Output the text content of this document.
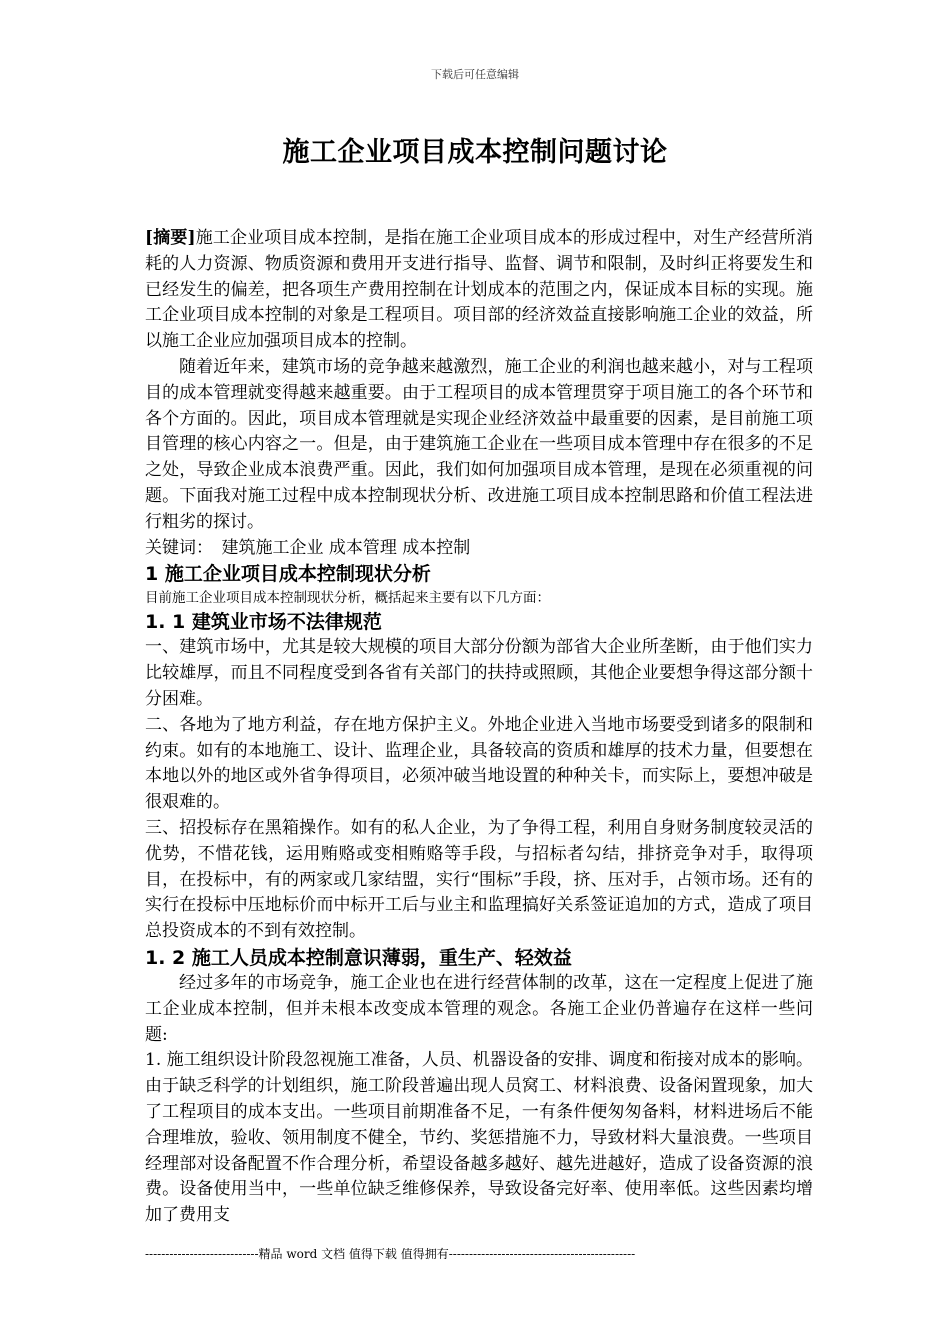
下载后可任意编辑
施工企业项目成本控制问题讨论

[摘要]施工企业项目成本控制，是指在施工企业项目成本的形成过程中，对生产经营所消耗的人力资源、物质资源和费用开支进行指导、监督、调节和限制，及时纠正将要发生和已经发生的偏差，把各项生产费用控制在计划成本的范围之内，保证成本目标的实现。施工企业项目成本控制的对象是工程项目。项目部的经济效益直接影响施工企业的效益，所以施工企业应加强项目成本的控制。

随着近年来，建筑市场的竞争越来越激烈，施工企业的利润也越来越小，对与工程项目的成本管理就变得越来越重要。由于工程项目的成本管理贯穿于项目施工的各个环节和各个方面的。因此，项目成本管理就是实现企业经济效益中最重要的因素，是目前施工项目管理的核心内容之一。但是，由于建筑施工企业在一些项目成本管理中存在很多的不足之处，导致企业成本浪费严重。因此，我们如何加强项目成本管理，是现在必须重视的问题。下面我对施工过程中成本控制现状分析、改进施工项目成本控制思路和价值工程法进行粗劣的探讨。

关键词：　建筑施工企业 成本管理 成本控制

1 施工企业项目成本控制现状分析

目前施工企业项目成本控制现状分析，概括起来主要有以下几方面：

1. 1 建筑业市场不法律规范

一、建筑市场中，尤其是较大规模的项目大部分份额为部省大企业所垄断，由于他们实力比较雄厚，而且不同程度受到各省有关部门的扶持或照顾，其他企业要想争得这部分额十分困难。

二、各地为了地方利益，存在地方保护主义。外地企业进入当地市场要受到诸多的限制和约束。如有的本地施工、设计、监理企业，具备较高的资质和雄厚的技术力量，但要想在本地以外的地区或外省争得项目，必须冲破当地设置的种种关卡，而实际上，要想冲破是很艰难的。

三、招投标存在黑箱操作。如有的私人企业，为了争得工程，利用自身财务制度较灵活的优势，不惜花钱，运用贿赂或变相贿赂等手段，与招标者勾结，排挤竞争对手，取得项目，在投标中，有的两家或几家结盟，实行“围标”手段，挤、压对手，占领市场。还有的实行在投标中压地标价而中标开工后与业主和监理搞好关系签证追加的方式，造成了项目总投资成本的不到有效控制。

1. 2 施工人员成本控制意识薄弱，重生产、轻效益

经过多年的市场竞争，施工企业也在进行经营体制的改革，这在一定程度上促进了施工企业成本控制，但并未根本改变成本管理的观念。各施工企业仍普遍存在这样一些问题:

1. 施工组织设计阶段忽视施工准备，人员、机器设备的安排、调度和衔接对成本的影响。由于缺乏科学的计划组织，施工阶段普遍出现人员窝工、材料浪费、设备闲置现象，加大了工程项目的成本支出。一些项目前期准备不足，一有条件便匆匆备料，材料进场后不能合理堆放，验收、领用制度不健全，节约、奖惩措施不力，导致材料大量浪费。一些项目经理部对设备配置不作合理分析，希望设备越多越好、越先进越好，造成了设备资源的浪费。设备使用当中，一些单位缺乏维修保养，导致设备完好率、使用率低。这些因素均增加了费用支

----------------------------精品 word 文档 值得下载 值得拥有----------------------------------------------
